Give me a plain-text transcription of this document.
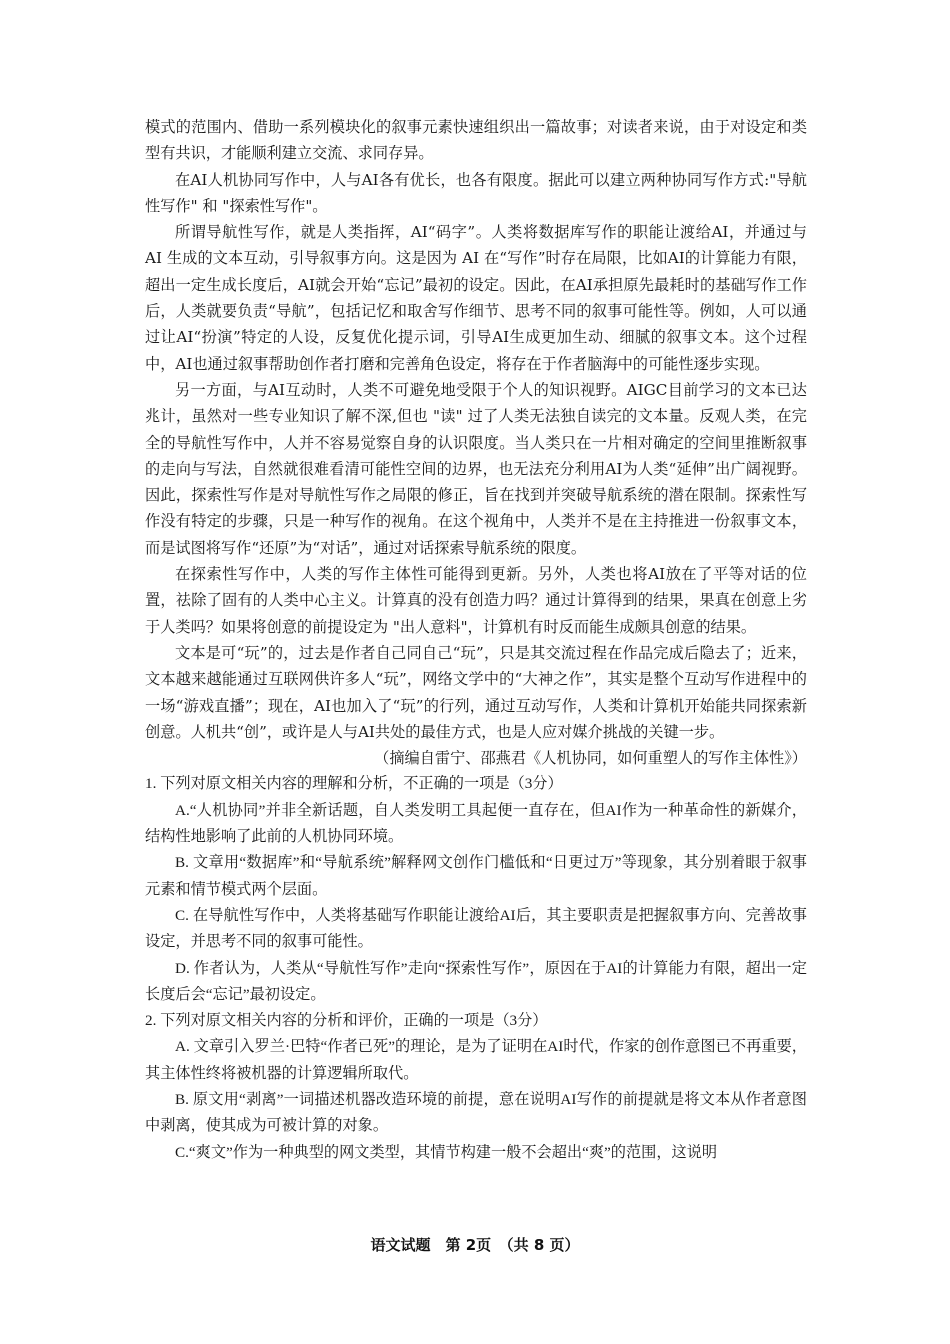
模式的范围内、借助一系列模块化的叙事元素快速组织出一篇故事；对读者来说，由于对设定和类型有共识，才能顺利建立交流、求同存异。

在AI人机协同写作中，人与AI各有优长，也各有限度。据此可以建立两种协同写作方式:"导航性写作" 和 "探索性写作"。

所谓导航性写作，就是人类指挥，AI“码字”。人类将数据库写作的职能让渡给AI，并通过与 AI 生成的文本互动，引导叙事方向。这是因为 AI 在“写作”时存在局限，比如AI的计算能力有限，超出一定生成长度后，AI就会开始“忘记”最初的设定。因此，在AI承担原先最耗时的基础写作工作后，人类就要负责“导航”，包括记忆和取舍写作细节、思考不同的叙事可能性等。例如，人可以通过让AI“扮演”特定的人设，反复优化提示词，引导AI生成更加生动、细腻的叙事文本。这个过程中，AI也通过叙事帮助创作者打磨和完善角色设定，将存在于作者脑海中的可能性逐步实现。

另一方面，与AI互动时，人类不可避免地受限于个人的知识视野。AIGC目前学习的文本已达兆计，虽然对一些专业知识了解不深,但也 "读" 过了人类无法独自读完的文本量。反观人类，在完全的导航性写作中，人并不容易觉察自身的认识限度。当人类只在一片相对确定的空间里推断叙事的走向与写法，自然就很难看清可能性空间的边界，也无法充分利用AI为人类“延伸”出广阔视野。因此，探索性写作是对导航性写作之局限的修正，旨在找到并突破导航系统的潜在限制。探索性写作没有特定的步骤，只是一种写作的视角。在这个视角中，人类并不是在主持推进一份叙事文本，而是试图将写作“还原”为“对话”，通过对话探索导航系统的限度。

在探索性写作中，人类的写作主体性可能得到更新。另外，人类也将AI放在了平等对话的位置，祛除了固有的人类中心主义。计算真的没有创造力吗？通过计算得到的结果，果真在创意上劣于人类吗？如果将创意的前提设定为 "出人意料"，计算机有时反而能生成颇具创意的结果。

文本是可“玩”的，过去是作者自己同自己“玩”，只是其交流过程在作品完成后隐去了；近来，文本越来越能通过互联网供许多人“玩”，网络文学中的“大神之作”，其实是整个互动写作进程中的一场“游戏直播”；现在，AI也加入了“玩”的行列，通过互动写作，人类和计算机开始能共同探索新创意。人机共“创”，或许是人与AI共处的最佳方式，也是人应对媒介挑战的关键一步。

（摘编自雷宁、邵燕君《人机协同，如何重塑人的写作主体性》）

1. 下列对原文相关内容的理解和分析，不正确的一项是（3分）

A.“人机协同”并非全新话题，自人类发明工具起便一直存在，但AI作为一种革命性的新媒介，结构性地影响了此前的人机协同环境。

B. 文章用“数据库”和“导航系统”解释网文创作门槛低和“日更过万”等现象，其分别着眼于叙事元素和情节模式两个层面。

C. 在导航性写作中，人类将基础写作职能让渡给AI后，其主要职责是把握叙事方向、完善故事设定，并思考不同的叙事可能性。

D. 作者认为，人类从“导航性写作”走向“探索性写作”，原因在于AI的计算能力有限，超出一定长度后会“忘记”最初设定。

2. 下列对原文相关内容的分析和评价，正确的一项是（3分）

A. 文章引入罗兰·巴特“作者已死”的理论，是为了证明在AI时代，作家的创作意图已不再重要，其主体性终将被机器的计算逻辑所取代。

B. 原文用“剥离”一词描述机器改造环境的前提，意在说明AI写作的前提就是将文本从作者意图中剥离，使其成为可被计算的对象。

C.“爽文”作为一种典型的网文类型，其情节构建一般不会超出“爽”的范围，这说明

语文试题　第 2页　（共 8 页）
